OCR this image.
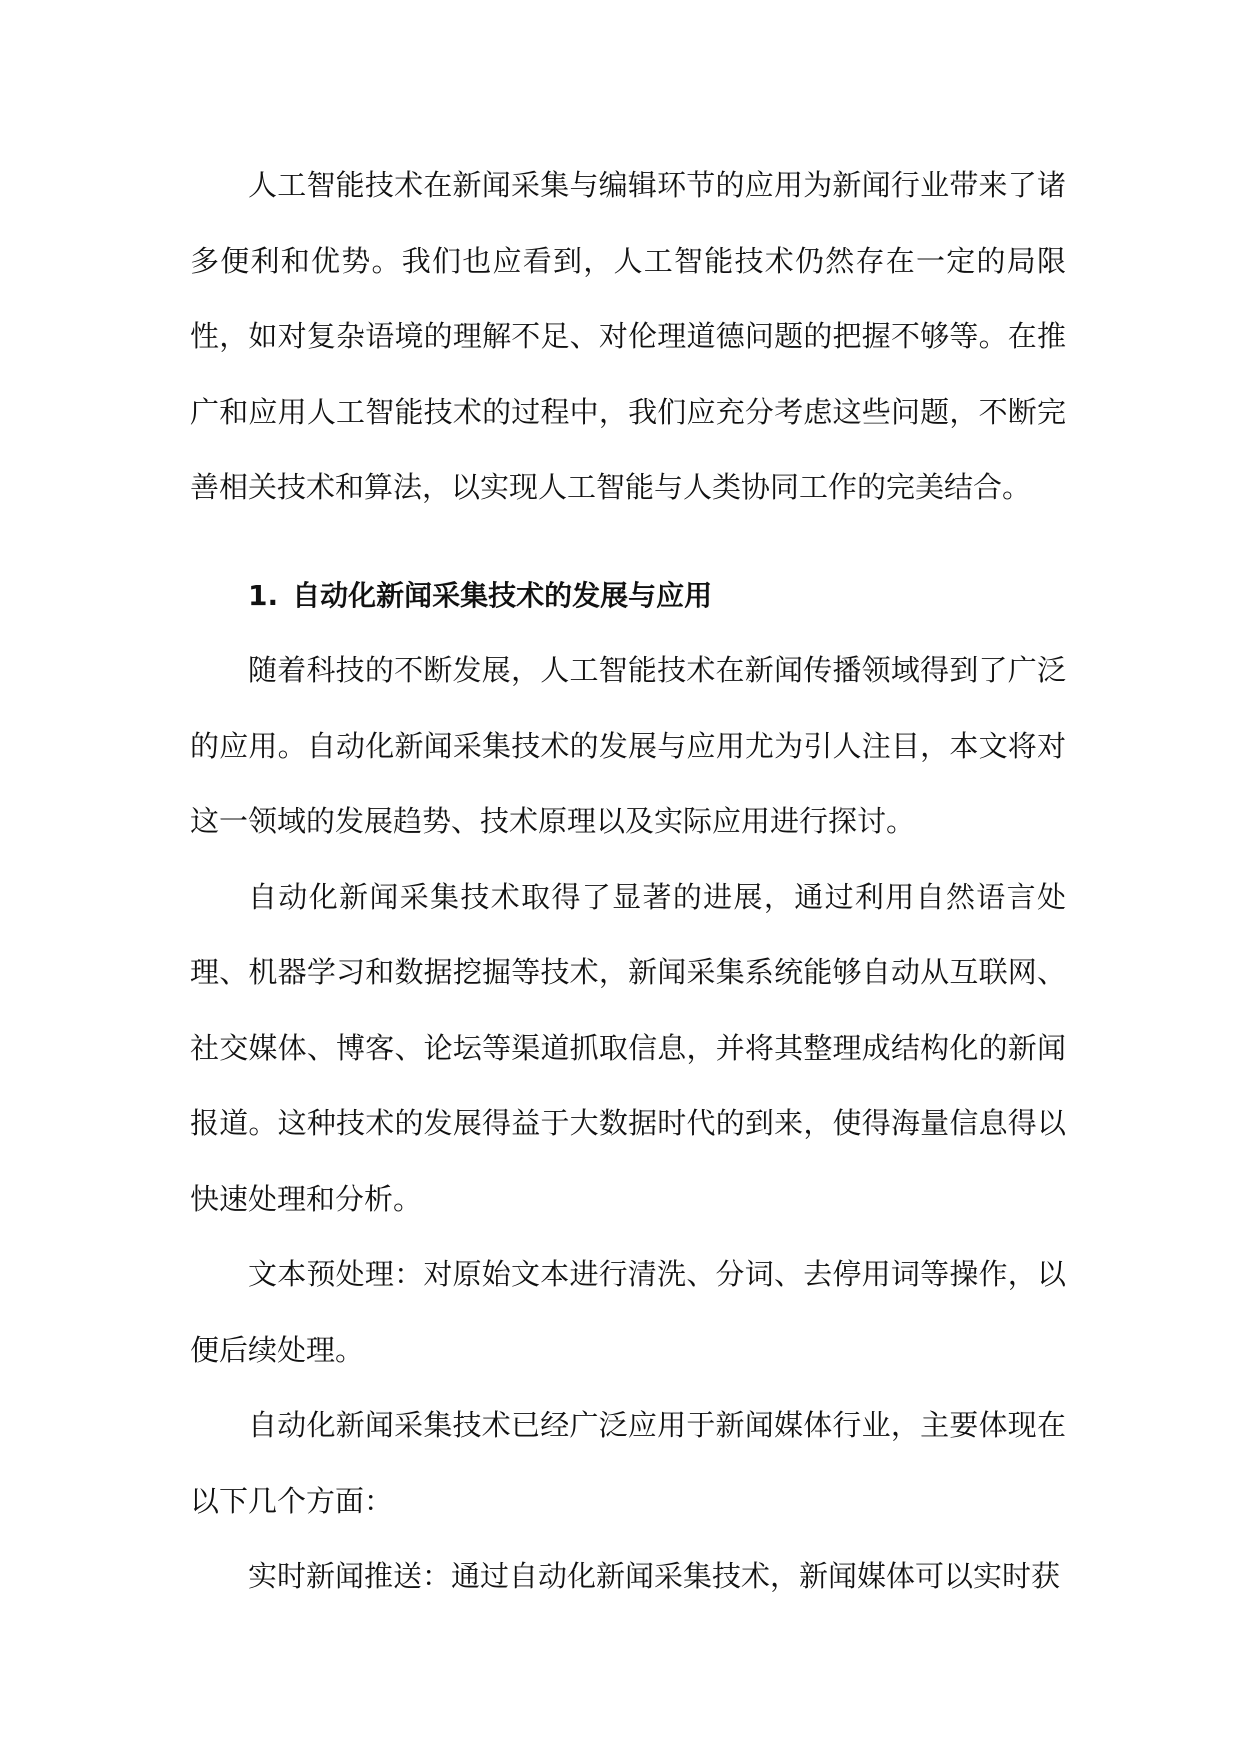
人工智能技术在新闻采集与编辑环节的应用为新闻行业带来了诸多便利和优势。我们也应看到，人工智能技术仍然存在一定的局限性，如对复杂语境的理解不足、对伦理道德问题的把握不够等。在推广和应用人工智能技术的过程中，我们应充分考虑这些问题，不断完善相关技术和算法，以实现人工智能与人类协同工作的完美结合。

1. 自动化新闻采集技术的发展与应用

随着科技的不断发展，人工智能技术在新闻传播领域得到了广泛的应用。自动化新闻采集技术的发展与应用尤为引人注目，本文将对这一领域的发展趋势、技术原理以及实际应用进行探讨。

自动化新闻采集技术取得了显著的进展，通过利用自然语言处理、机器学习和数据挖掘等技术，新闻采集系统能够自动从互联网、社交媒体、博客、论坛等渠道抓取信息，并将其整理成结构化的新闻报道。这种技术的发展得益于大数据时代的到来，使得海量信息得以快速处理和分析。

文本预处理：对原始文本进行清洗、分词、去停用词等操作，以便后续处理。

自动化新闻采集技术已经广泛应用于新闻媒体行业，主要体现在以下几个方面：

实时新闻推送：通过自动化新闻采集技术，新闻媒体可以实时获
